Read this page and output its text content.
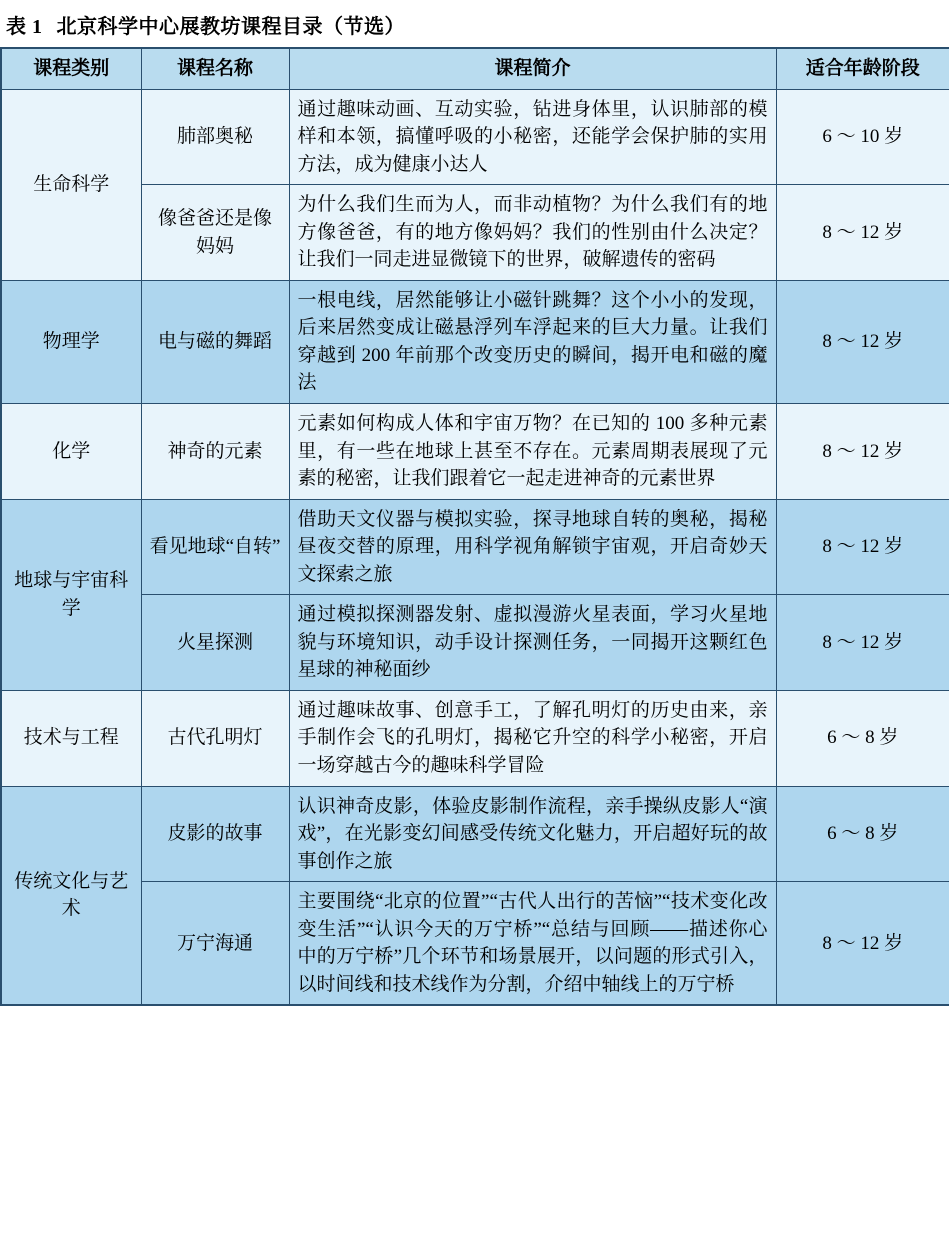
表 1 北京科学中心展教坊课程目录（节选）
课程类别	课程名称	课程简介	适合年龄阶段
生命科学	肺部奥秘	通过趣味动画、互动实验，钻进身体里，认识肺部的模样和本领，搞懂呼吸的小秘密，还能学会保护肺的实用方法，成为健康小达人	6 ～ 10 岁
	像爸爸还是像妈妈	为什么我们生而为人，而非动植物？为什么我们有的地方像爸爸，有的地方像妈妈？我们的性别由什么决定？让我们一同走进显微镜下的世界，破解遗传的密码	8 ～ 12 岁
物理学	电与磁的舞蹈	一根电线，居然能够让小磁针跳舞？这个小小的发现，后来居然变成让磁悬浮列车浮起来的巨大力量。让我们穿越到 200 年前那个改变历史的瞬间，揭开电和磁的魔法	8 ～ 12 岁
化学	神奇的元素	元素如何构成人体和宇宙万物？在已知的 100 多种元素里，有一些在地球上甚至不存在。元素周期表展现了元素的秘密，让我们跟着它一起走进神奇的元素世界	8 ～ 12 岁
地球与宇宙科学	看见地球“自转”	借助天文仪器与模拟实验，探寻地球自转的奥秘，揭秘昼夜交替的原理，用科学视角解锁宇宙观，开启奇妙天文探索之旅	8 ～ 12 岁
	火星探测	通过模拟探测器发射、虚拟漫游火星表面，学习火星地貌与环境知识，动手设计探测任务，一同揭开这颗红色星球的神秘面纱	8 ～ 12 岁
技术与工程	古代孔明灯	通过趣味故事、创意手工，了解孔明灯的历史由来，亲手制作会飞的孔明灯，揭秘它升空的科学小秘密，开启一场穿越古今的趣味科学冒险	6 ～ 8 岁
传统文化与艺术	皮影的故事	认识神奇皮影，体验皮影制作流程，亲手操纵皮影人“演戏”，在光影变幻间感受传统文化魅力，开启超好玩的故事创作之旅	6 ～ 8 岁
	万宁海通	主要围绕“北京的位置”“古代人出行的苦恼”“技术变化改变生活”“认识今天的万宁桥”“总结与回顾——描述你心中的万宁桥”几个环节和场景展开，以问题的形式引入，以时间线和技术线作为分割，介绍中轴线上的万宁桥	8 ～ 12 岁
